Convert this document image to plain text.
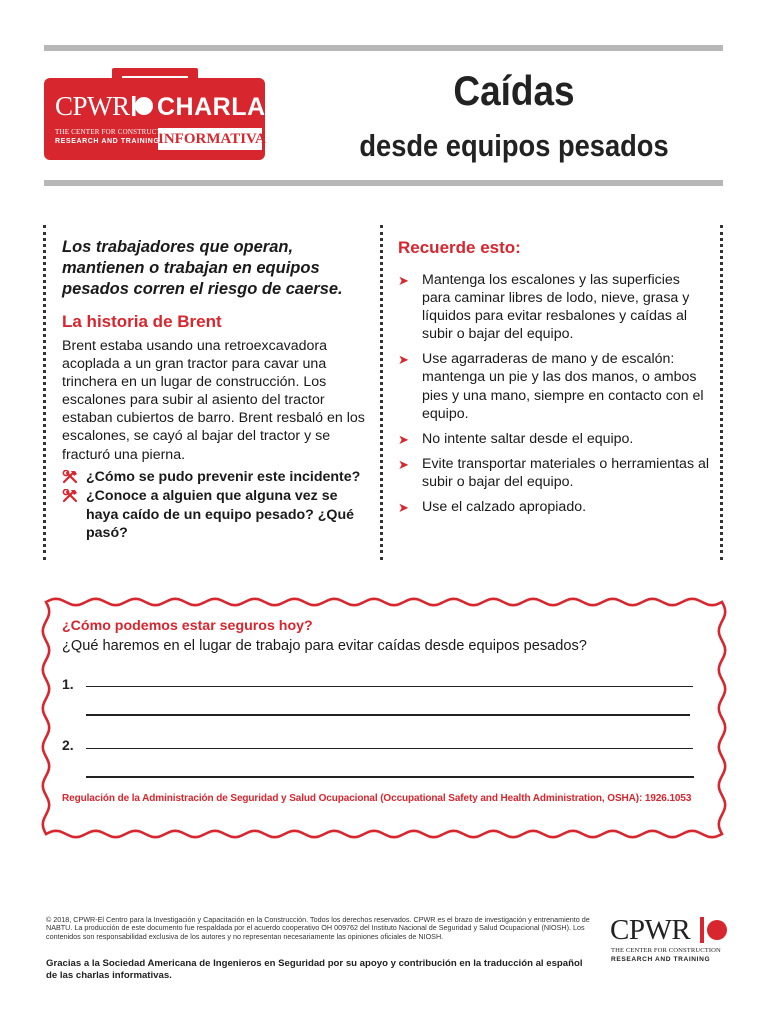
CPWR CHARLA
INFORMATIVA
THE CENTER FOR CONSTRUCTION
RESEARCH AND TRAINING
Caídas
desde equipos pesados

Los trabajadores que operan, mantienen o trabajan en equipos pesados corren el riesgo de caerse.

La historia de Brent

Brent estaba usando una retroexcavadora acoplada a un gran tractor para cavar una trinchera en un lugar de construcción. Los escalones para subir al asiento del tractor estaban cubiertos de barro. Brent resbaló en los escalones, se cayó al bajar del tractor y se fracturó una pierna.

¿Cómo se pudo prevenir este incidente?
¿Conoce a alguien que alguna vez se haya caído de un equipo pesado? ¿Qué pasó?
Recuerde esto:
➤ Mantenga los escalones y las superficies para caminar libres de lodo, nieve, grasa y líquidos para evitar resbalones y caídas al subir o bajar del equipo.
➤ Use agarraderas de mano y de escalón: mantenga un pie y las dos manos, o ambos pies y una mano, siempre en contacto con el equipo.
➤ No intente saltar desde el equipo.
➤ Evite transportar materiales o herramientas al subir o bajar del equipo.
➤ Use el calzado apropiado.
¿Cómo podemos estar seguros hoy?
¿Qué haremos en el lugar de trabajo para evitar caídas desde equipos pesados?
1.
2.
Regulación de la Administración de Seguridad y Salud Ocupacional (Occupational Safety and Health Administration, OSHA): 1926.1053

© 2018, CPWR-El Centro para la Investigación y Capacitación en la Construcción. Todos los derechos reservados. CPWR es el brazo de investigación y entrenamiento de NABTU. La producción de este documento fue respaldada por el acuerdo cooperativo OH 009762 del Instituto Nacional de Seguridad y Salud Ocupacional (NIOSH). Los contenidos son responsabilidad exclusiva de los autores y no representan necesariamente las opiniones oficiales de NIOSH.

Gracias a la Sociedad Americana de Ingenieros en Seguridad por su apoyo y contribución en la traducción al español de las charlas informativas.

CPWR
THE CENTER FOR CONSTRUCTION
RESEARCH AND TRAINING
